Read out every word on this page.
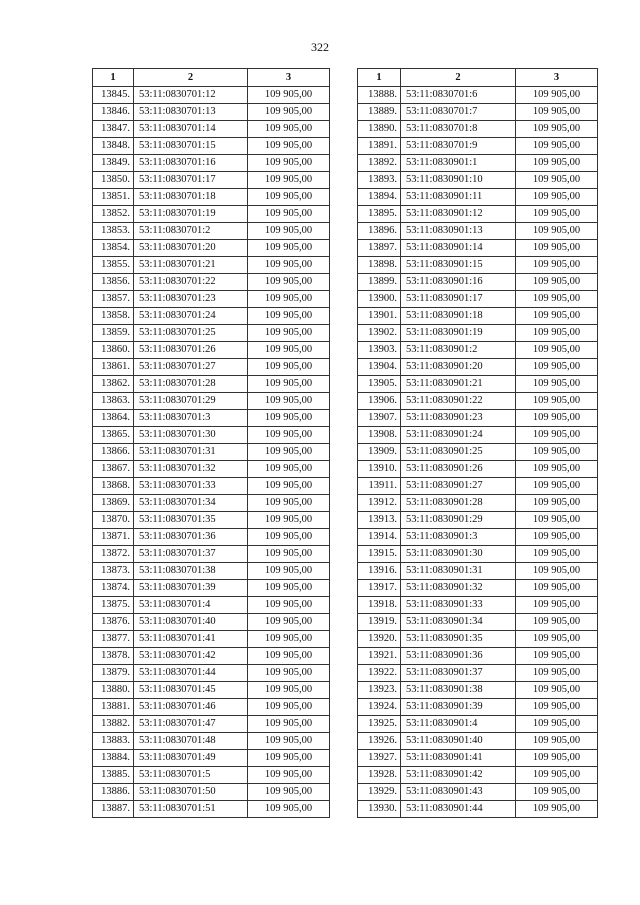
322
1	2	3
13845.	53:11:0830701:12	109 905,00
13846.	53:11:0830701:13	109 905,00
13847.	53:11:0830701:14	109 905,00
13848.	53:11:0830701:15	109 905,00
13849.	53:11:0830701:16	109 905,00
13850.	53:11:0830701:17	109 905,00
13851.	53:11:0830701:18	109 905,00
13852.	53:11:0830701:19	109 905,00
13853.	53:11:0830701:2	109 905,00
13854.	53:11:0830701:20	109 905,00
13855.	53:11:0830701:21	109 905,00
13856.	53:11:0830701:22	109 905,00
13857.	53:11:0830701:23	109 905,00
13858.	53:11:0830701:24	109 905,00
13859.	53:11:0830701:25	109 905,00
13860.	53:11:0830701:26	109 905,00
13861.	53:11:0830701:27	109 905,00
13862.	53:11:0830701:28	109 905,00
13863.	53:11:0830701:29	109 905,00
13864.	53:11:0830701:3	109 905,00
13865.	53:11:0830701:30	109 905,00
13866.	53:11:0830701:31	109 905,00
13867.	53:11:0830701:32	109 905,00
13868.	53:11:0830701:33	109 905,00
13869.	53:11:0830701:34	109 905,00
13870.	53:11:0830701:35	109 905,00
13871.	53:11:0830701:36	109 905,00
13872.	53:11:0830701:37	109 905,00
13873.	53:11:0830701:38	109 905,00
13874.	53:11:0830701:39	109 905,00
13875.	53:11:0830701:4	109 905,00
13876.	53:11:0830701:40	109 905,00
13877.	53:11:0830701:41	109 905,00
13878.	53:11:0830701:42	109 905,00
13879.	53:11:0830701:44	109 905,00
13880.	53:11:0830701:45	109 905,00
13881.	53:11:0830701:46	109 905,00
13882.	53:11:0830701:47	109 905,00
13883.	53:11:0830701:48	109 905,00
13884.	53:11:0830701:49	109 905,00
13885.	53:11:0830701:5	109 905,00
13886.	53:11:0830701:50	109 905,00
13887.	53:11:0830701:51	109 905,00
1	2	3
13888.	53:11:0830701:6	109 905,00
13889.	53:11:0830701:7	109 905,00
13890.	53:11:0830701:8	109 905,00
13891.	53:11:0830701:9	109 905,00
13892.	53:11:0830901:1	109 905,00
13893.	53:11:0830901:10	109 905,00
13894.	53:11:0830901:11	109 905,00
13895.	53:11:0830901:12	109 905,00
13896.	53:11:0830901:13	109 905,00
13897.	53:11:0830901:14	109 905,00
13898.	53:11:0830901:15	109 905,00
13899.	53:11:0830901:16	109 905,00
13900.	53:11:0830901:17	109 905,00
13901.	53:11:0830901:18	109 905,00
13902.	53:11:0830901:19	109 905,00
13903.	53:11:0830901:2	109 905,00
13904.	53:11:0830901:20	109 905,00
13905.	53:11:0830901:21	109 905,00
13906.	53:11:0830901:22	109 905,00
13907.	53:11:0830901:23	109 905,00
13908.	53:11:0830901:24	109 905,00
13909.	53:11:0830901:25	109 905,00
13910.	53:11:0830901:26	109 905,00
13911.	53:11:0830901:27	109 905,00
13912.	53:11:0830901:28	109 905,00
13913.	53:11:0830901:29	109 905,00
13914.	53:11:0830901:3	109 905,00
13915.	53:11:0830901:30	109 905,00
13916.	53:11:0830901:31	109 905,00
13917.	53:11:0830901:32	109 905,00
13918.	53:11:0830901:33	109 905,00
13919.	53:11:0830901:34	109 905,00
13920.	53:11:0830901:35	109 905,00
13921.	53:11:0830901:36	109 905,00
13922.	53:11:0830901:37	109 905,00
13923.	53:11:0830901:38	109 905,00
13924.	53:11:0830901:39	109 905,00
13925.	53:11:0830901:4	109 905,00
13926.	53:11:0830901:40	109 905,00
13927.	53:11:0830901:41	109 905,00
13928.	53:11:0830901:42	109 905,00
13929.	53:11:0830901:43	109 905,00
13930.	53:11:0830901:44	109 905,00
